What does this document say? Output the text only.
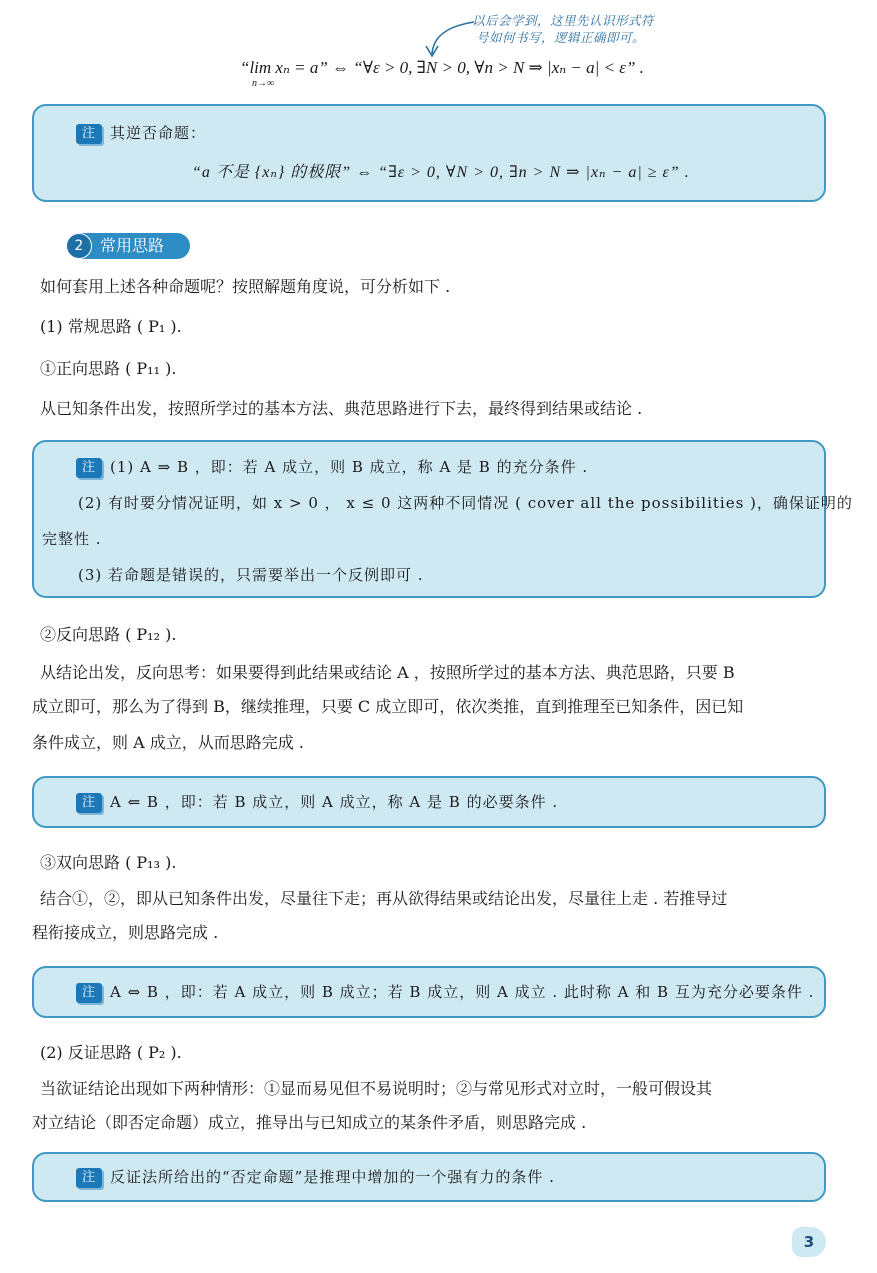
以后会学到，这里先认识形式符
号如何书写，逻辑正确即可。
“lim xₙ = a” ⇔ “∀ε > 0, ∃N > 0, ∀n > N ⇒ |xₙ − a| < ε” .
n→∞
注 其逆否命题：
“a 不是 {xₙ} 的极限” ⇔ “∃ε > 0, ∀N > 0, ∃n > N ⇒ |xₙ − a| ≥ ε” .
2	常用思路
如何套用上述各种命题呢？按照解题角度说，可分析如下 .
(1) 常规思路 ( P₁ ).
①正向思路 ( P₁₁ ).
从已知条件出发，按照所学过的基本方法、典范思路进行下去，最终得到结果或结论 .
注 (1) A ⇒ B ，即：若 A 成立，则 B 成立，称 A 是 B 的充分条件 .
(2) 有时要分情况证明，如 x > 0 ， x ≤ 0 这两种不同情况 ( cover all the possibilities )，确保证明的
完整性 .
(3) 若命题是错误的，只需要举出一个反例即可 .
②反向思路 ( P₁₂ ).
从结论出发，反向思考：如果要得到此结果或结论 A ，按照所学过的基本方法、典范思路，只要 B
成立即可，那么为了得到 B，继续推理，只要 C 成立即可，依次类推，直到推理至已知条件，因已知
条件成立，则 A 成立，从而思路完成 .
注 A ⇐ B ，即：若 B 成立，则 A 成立，称 A 是 B 的必要条件 .
③双向思路 ( P₁₃ ).
结合①，②，即从已知条件出发，尽量往下走；再从欲得结果或结论出发，尽量往上走 . 若推导过
程衔接成立，则思路完成 .
注 A ⇔ B ，即：若 A 成立，则 B 成立；若 B 成立，则 A 成立 . 此时称 A 和 B 互为充分必要条件 .
(2) 反证思路 ( P₂ ).
当欲证结论出现如下两种情形：①显而易见但不易说明时；②与常见形式对立时，一般可假设其
对立结论（即否定命题）成立，推导出与已知成立的某条件矛盾，则思路完成 .
注 反证法所给出的“否定命题”是推理中增加的一个强有力的条件 .
3
